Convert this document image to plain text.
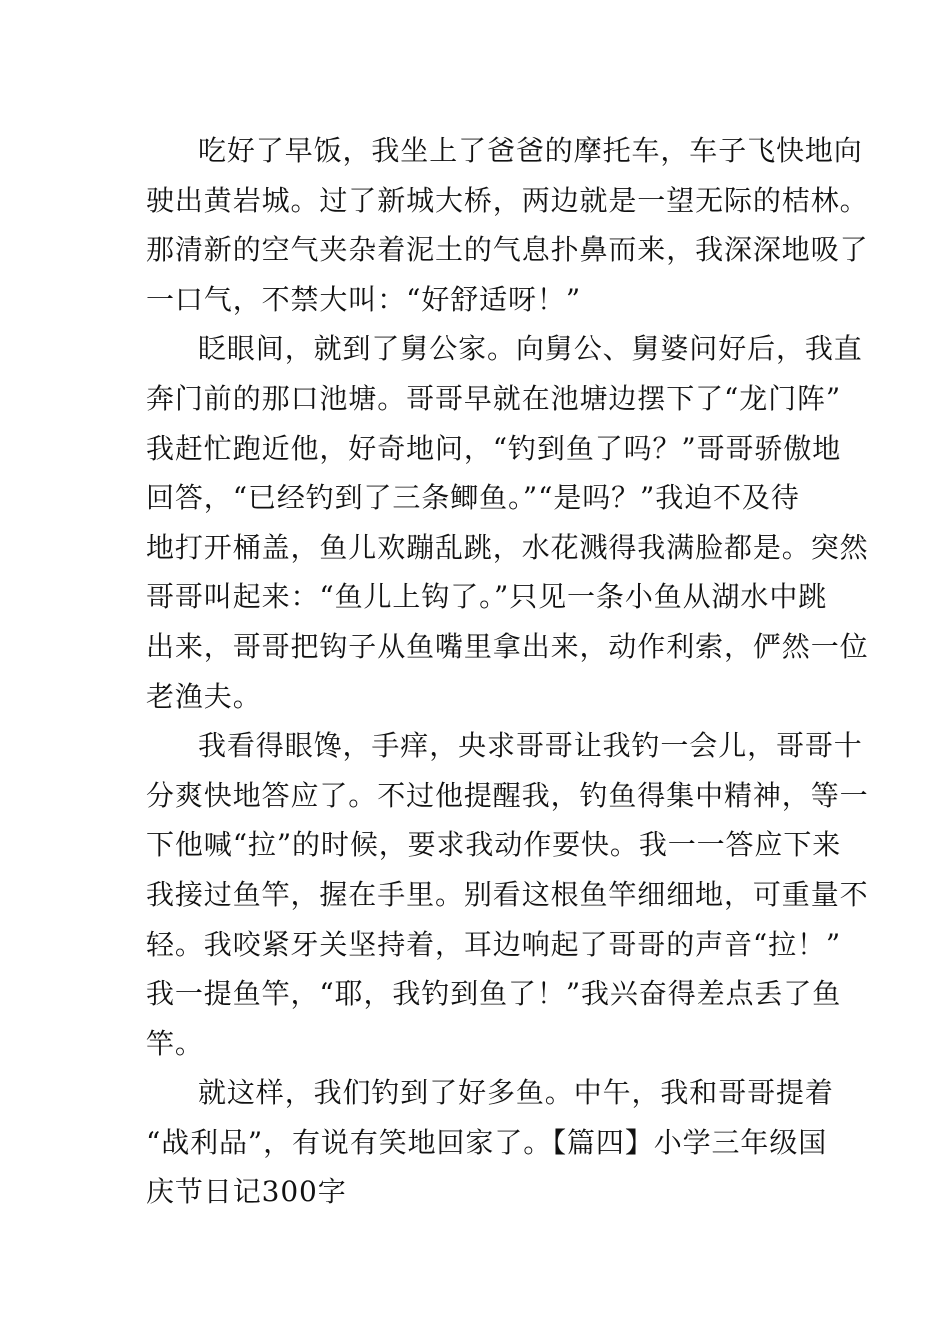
吃好了早饭，我坐上了爸爸的摩托车，车子飞快地向
驶出黄岩城。过了新城大桥，两边就是一望无际的桔林。
那清新的空气夹杂着泥土的气息扑鼻而来，我深深地吸了
一口气，不禁大叫：“好舒适呀！”
眨眼间，就到了舅公家。向舅公、舅婆问好后，我直
奔门前的那口池塘。哥哥早就在池塘边摆下了“龙门阵”
我赶忙跑近他，好奇地问，“钓到鱼了吗？”哥哥骄傲地
回答，“已经钓到了三条鲫鱼。”“是吗？”我迫不及待
地打开桶盖，鱼儿欢蹦乱跳，水花溅得我满脸都是。突然
哥哥叫起来：“鱼儿上钩了。”只见一条小鱼从湖水中跳
出来，哥哥把钩子从鱼嘴里拿出来，动作利索，俨然一位
老渔夫。
我看得眼馋，手痒，央求哥哥让我钓一会儿，哥哥十
分爽快地答应了。不过他提醒我，钓鱼得集中精神，等一
下他喊“拉”的时候，要求我动作要快。我一一答应下来
我接过鱼竿，握在手里。别看这根鱼竿细细地，可重量不
轻。我咬紧牙关坚持着，耳边响起了哥哥的声音“拉！”
我一提鱼竿，“耶，我钓到鱼了！”我兴奋得差点丢了鱼
竿。
就这样，我们钓到了好多鱼。中午，我和哥哥提着
“战利品”，有说有笑地回家了。【篇四】小学三年级国
庆节日记300字
